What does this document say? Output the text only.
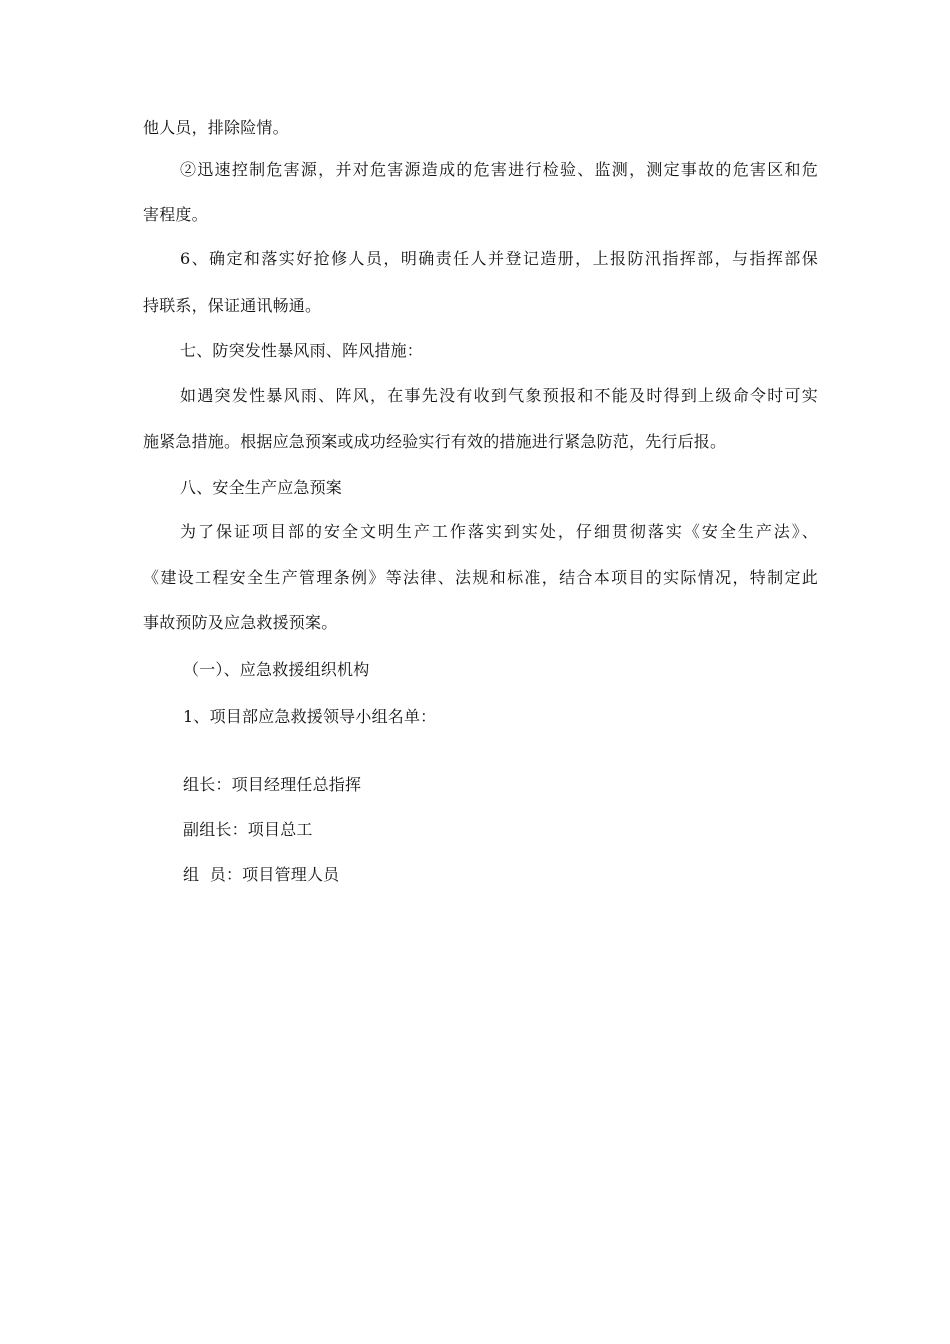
他人员，排除险情。
②迅速控制危害源，并对危害源造成的危害进行检验、监测，测定事故的危害区和危
害程度。
6、确定和落实好抢修人员，明确责任人并登记造册，上报防汛指挥部，与指挥部保
持联系，保证通讯畅通。
七、防突发性暴风雨、阵风措施：
如遇突发性暴风雨、阵风，在事先没有收到气象预报和不能及时得到上级命令时可实
施紧急措施。根据应急预案或成功经验实行有效的措施进行紧急防范，先行后报。
八、安全生产应急预案
为了保证项目部的安全文明生产工作落实到实处，仔细贯彻落实《安全生产法》、
《建设工程安全生产管理条例》等法律、法规和标准，结合本项目的实际情况，特制定此
事故预防及应急救援预案。
（一）、应急救援组织机构
1、项目部应急救援领导小组名单：
组长：项目经理任总指挥
副组长：项目总工
组  员：项目管理人员
